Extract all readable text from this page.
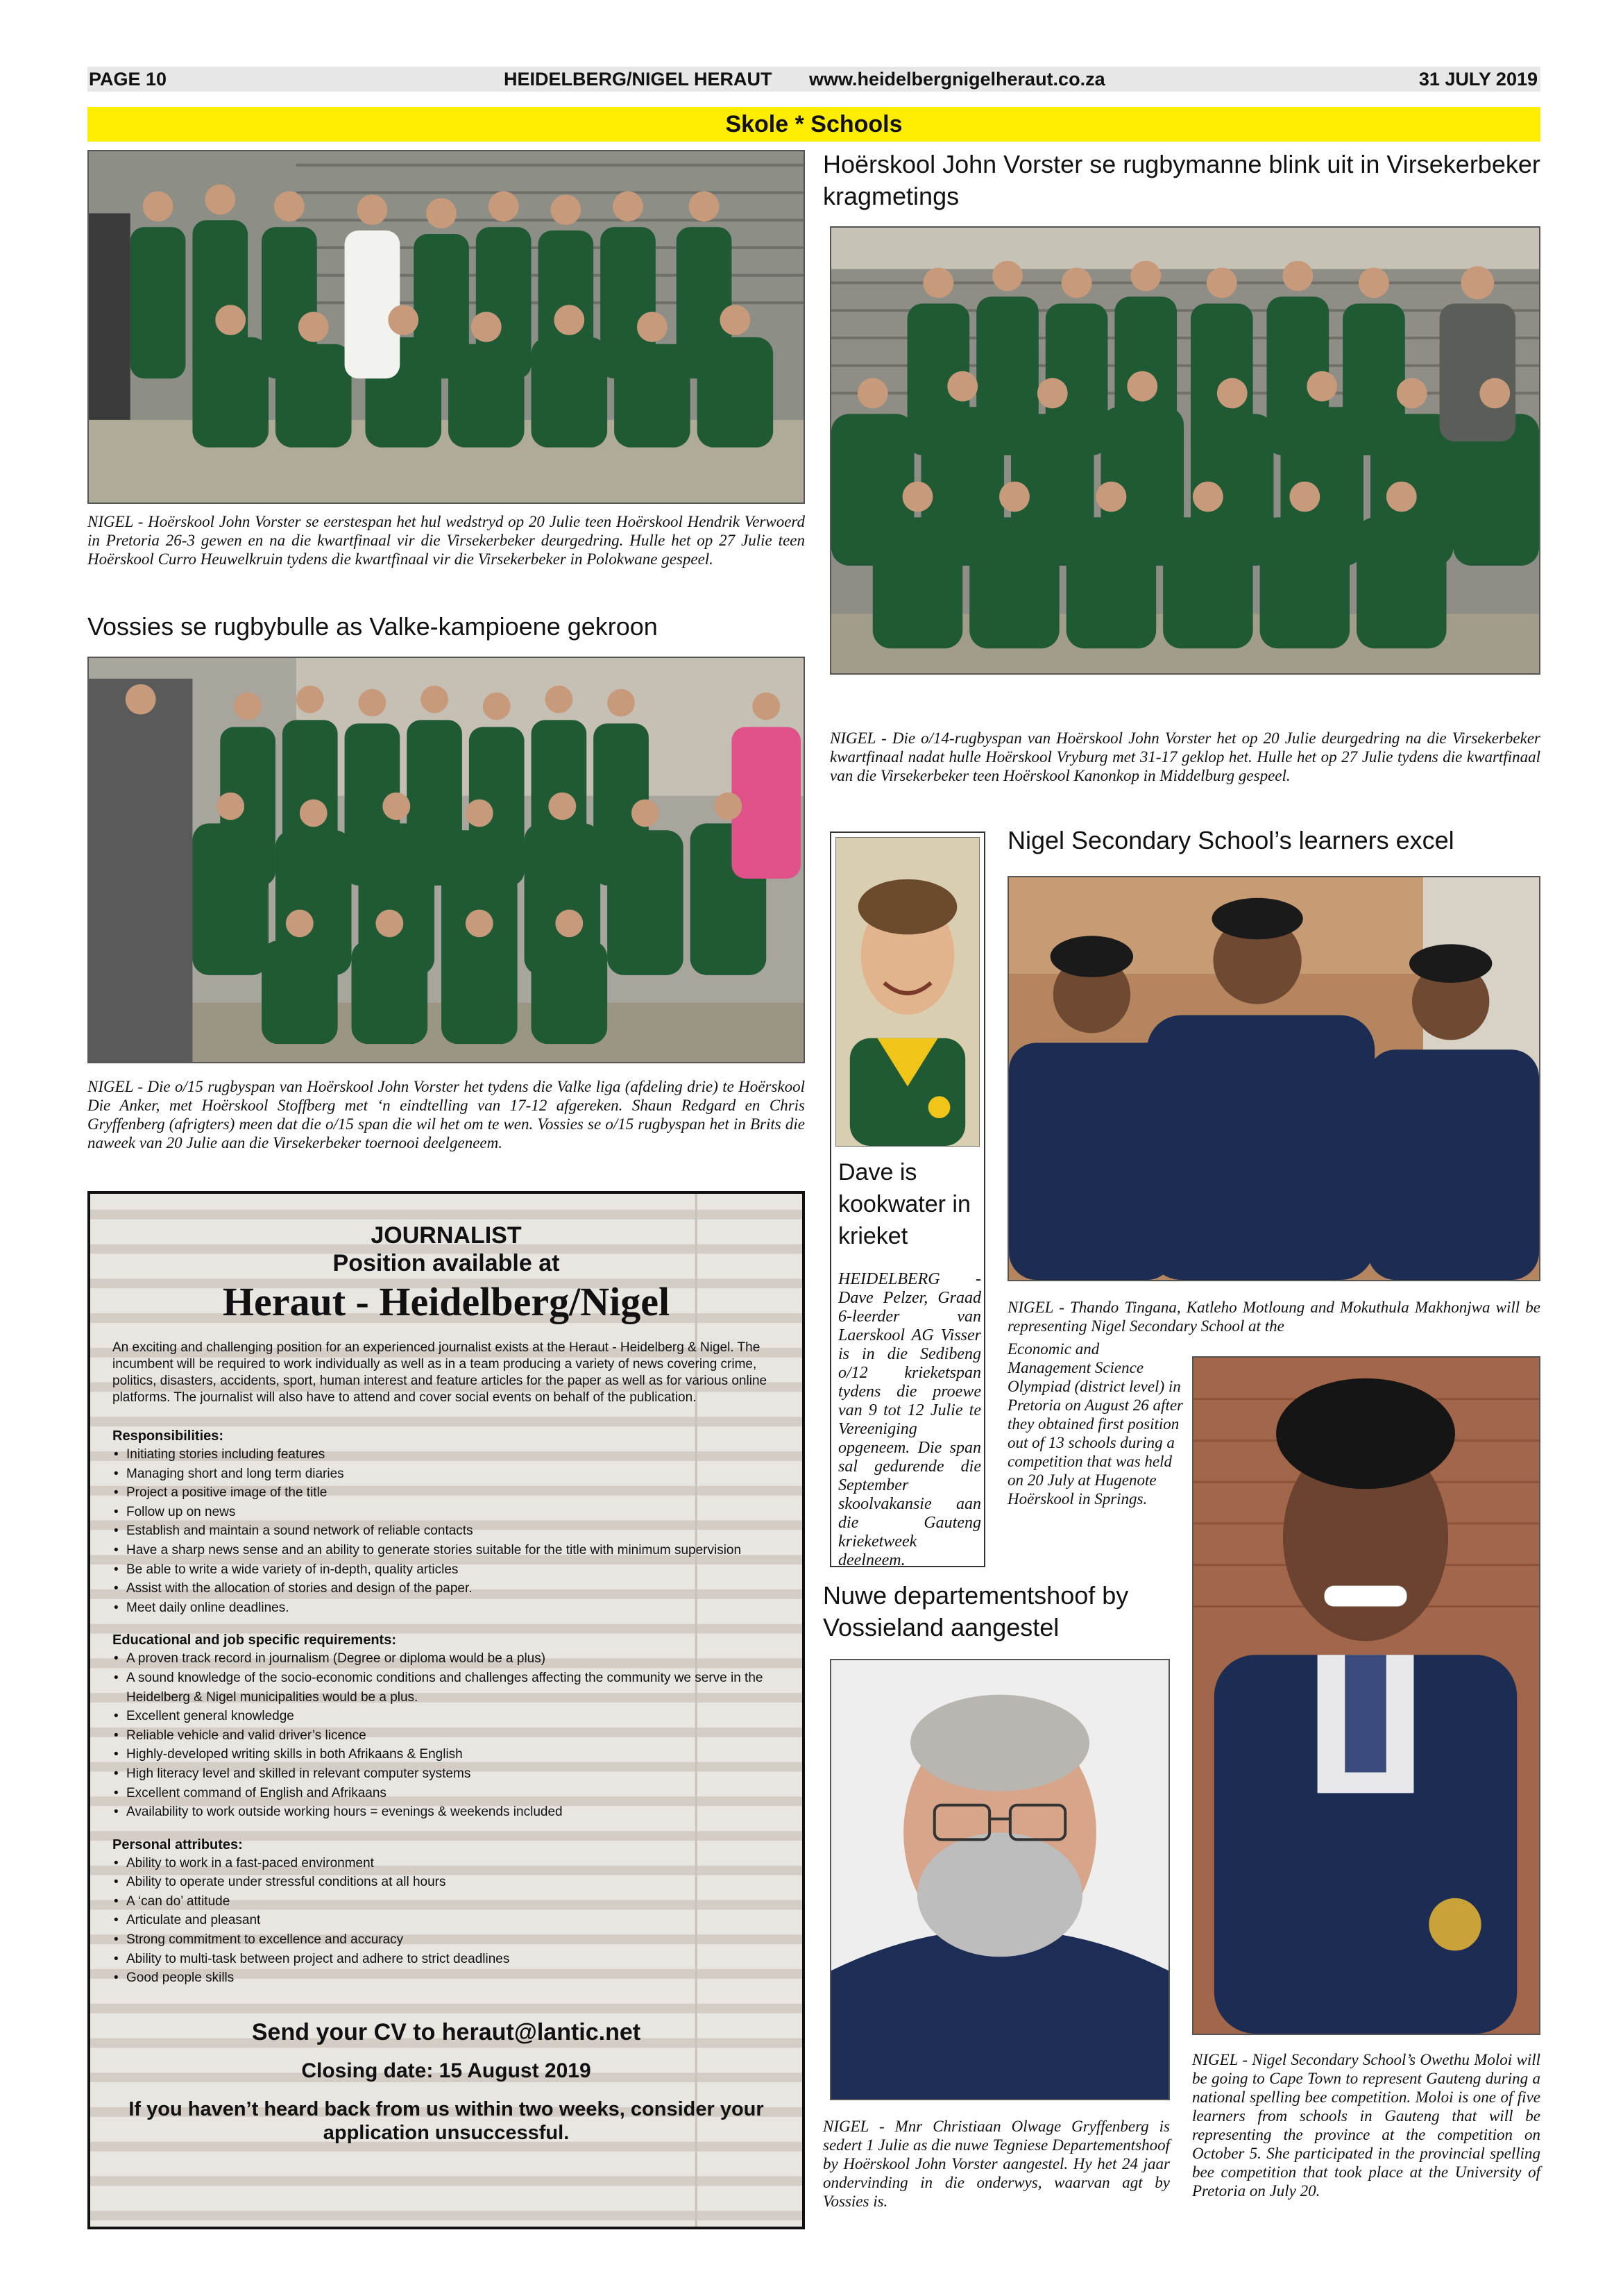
PAGE 10	HEIDELBERG/NIGEL HERAUT www.heidelbergnigelheraut.co.za	31 JULY 2019
Skole * Schools
NIGEL - Hoërskool John Vorster se eerstespan het hul wedstryd op 20 Julie teen Hoërskool Hendrik Verwoerd in Pretoria 26-3 gewen en na die kwartfinaal vir die Virsekerbeker deurgedring. Hulle het op 27 Julie teen Hoërskool Curro Heuwelkruin tydens die kwartfinaal vir die Virsekerbeker in Polokwane gespeel.
Vossies se rugbybulle as Valke-kampioene gekroon
NIGEL - Die o/15 rugbyspan van Hoërskool John Vorster het tydens die Valke liga (afdeling drie) te Hoërskool Die Anker, met Hoërskool Stoffberg met ‘n eindtelling van 17-12 afgereken. Shaun Redgard en Chris Gryffenberg (afrigters) meen dat die o/15 span die wil het om te wen. Vossies se o/15 rugbyspan het in Brits die naweek van 20 Julie aan die Virsekerbeker toernooi deelgeneem.
Hoërskool John Vorster se rugbymanne blink uit in Virsekerbeker kragmetings
NIGEL - Die o/14-rugbyspan van Hoërskool John Vorster het op 20 Julie deurgedring na die Virsekerbeker kwartfinaal nadat hulle Hoërskool Vryburg met 31-17 geklop het. Hulle het op 27 Julie tydens die kwartfinaal van die Virsekerbeker teen Hoërskool Kanonkop in Middelburg gespeel.
Nigel Secondary School’s learners excel
NIGEL - Thando Tingana, Katleho Motloung and Mokuthula Makhonjwa will be representing Nigel Secondary School at the
Economic and Management Science Olympiad (district level) in Pretoria on August 26 after they obtained first position out of 13 schools during a competition that was held on 20 July at Hugenote Hoërskool in Springs.
NIGEL - Nigel Secondary School’s Owethu Moloi will be going to Cape Town to represent Gauteng during a national spelling bee competition. Moloi is one of five learners from schools in Gauteng that will be representing the province at the competition on October 5. She participated in the provincial spelling bee competition that took place at the University of Pretoria on July 20.
Dave is kookwater in krieket
HEIDELBERG - Dave Pelzer, Graad 6-leerder van Laerskool AG Visser is in die Sedibeng o/12 krieketspan tydens die proewe van 9 tot 12 Julie te Vereeniging opgeneem. Die span sal gedurende die September skoolvakansie aan die Gauteng krieketweek deelneem.
Nuwe departementshoof by Vossieland aangestel
NIGEL - Mnr Christiaan Olwage Gryffenberg is sedert 1 Julie as die nuwe Tegniese Departementshoof by Hoërskool John Vorster aangestel. Hy het 24 jaar ondervinding in die onderwys, waarvan agt by Vossies is.
JOURNALIST
Position available at
Heraut - Heidelberg/Nigel
An exciting and challenging position for an experienced journalist exists at the Heraut - Heidelberg & Nigel. The incumbent will be required to work individually as well as in a team producing a variety of news covering crime, politics, disasters, accidents, sport, human interest and feature articles for the paper as well as for various online platforms. The journalist will also have to attend and cover social events on behalf of the publication.
Responsibilities:
• Initiating stories including features
• Managing short and long term diaries
• Project a positive image of the title
• Follow up on news
• Establish and maintain a sound network of reliable contacts
• Have a sharp news sense and an ability to generate stories suitable for the title with minimum supervision
• Be able to write a wide variety of in-depth, quality articles
• Assist with the allocation of stories and design of the paper.
• Meet daily online deadlines.
Educational and job specific requirements:
• A proven track record in journalism (Degree or diploma would be a plus)
• A sound knowledge of the socio-economic conditions and challenges affecting the community we serve in the Heidelberg & Nigel municipalities would be a plus.
• Excellent general knowledge
• Reliable vehicle and valid driver’s licence
• Highly-developed writing skills in both Afrikaans & English
• High literacy level and skilled in relevant computer systems
• Excellent command of English and Afrikaans
• Availability to work outside working hours = evenings & weekends included
Personal attributes:
• Ability to work in a fast-paced environment
• Ability to operate under stressful conditions at all hours
• A ‘can do’ attitude
• Articulate and pleasant
• Strong commitment to excellence and accuracy
• Ability to multi-task between project and adhere to strict deadlines
• Good people skills
Send your CV to heraut@lantic.net
Closing date: 15 August 2019
If you haven’t heard back from us within two weeks, consider your application unsuccessful.
